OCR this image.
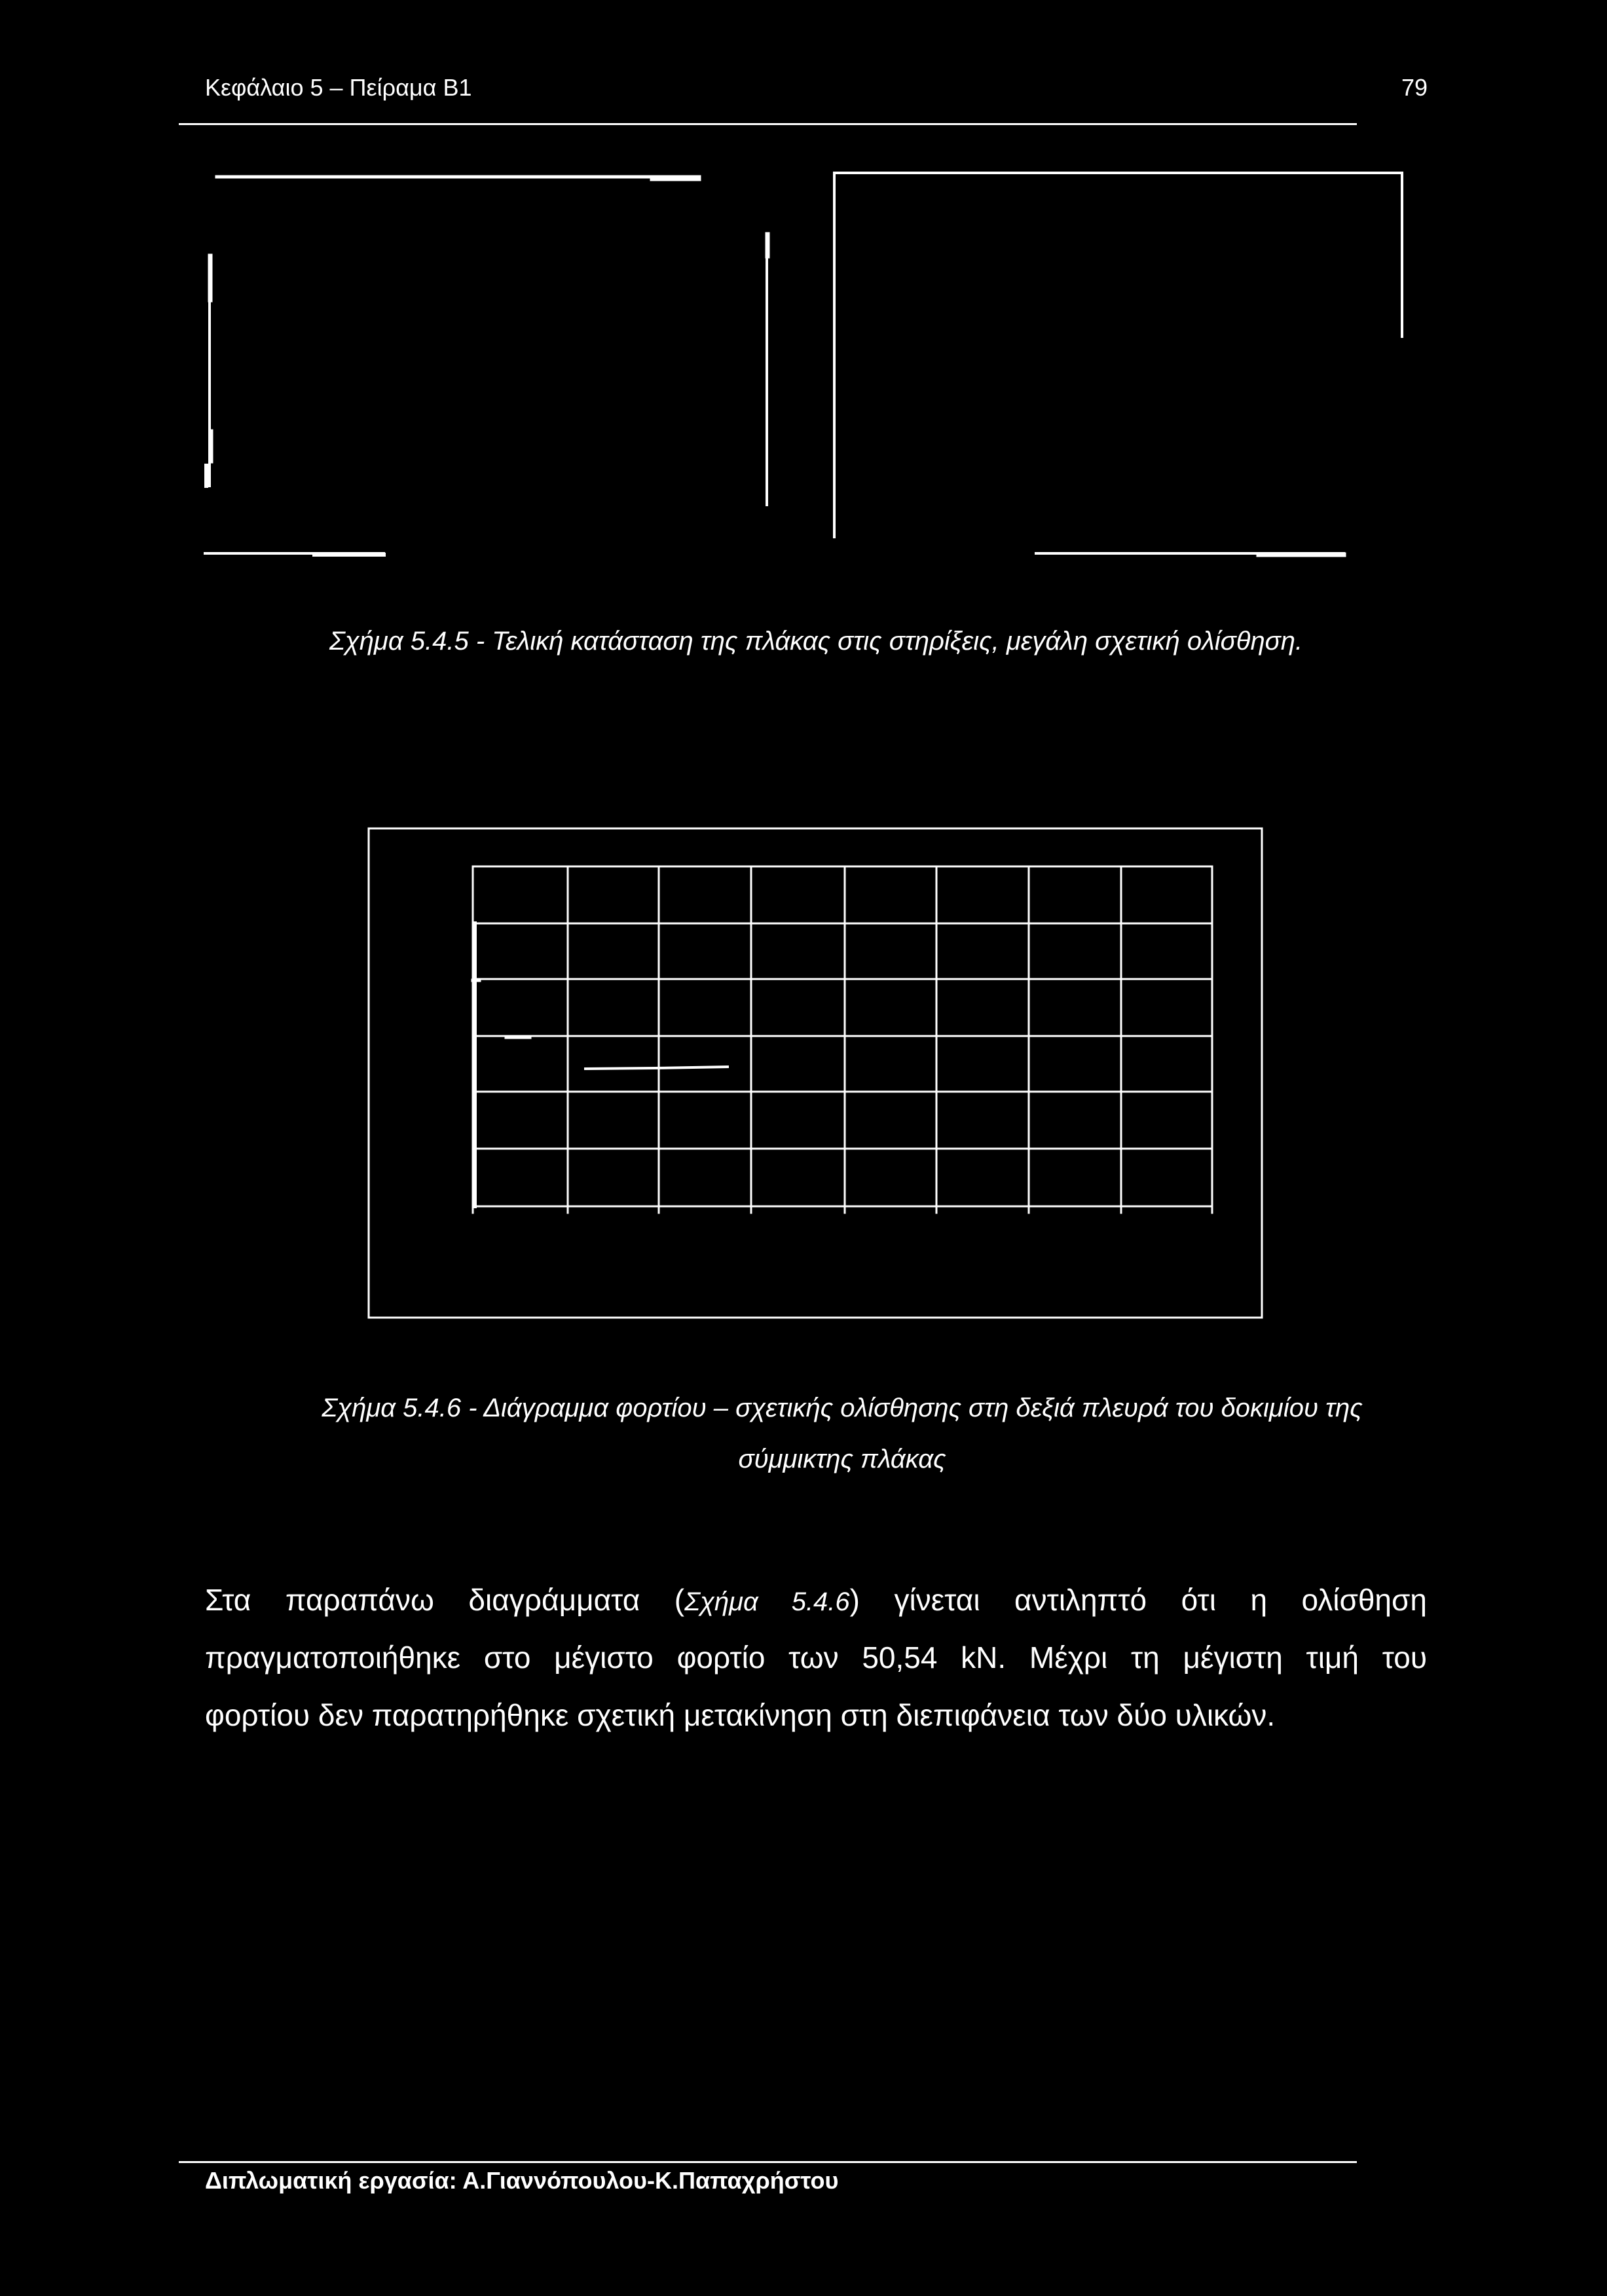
Κεφάλαιο 5 – Πείραμα Β1	79
Σχήμα 5.4.5 - Τελική κατάσταση της πλάκας στις στηρίξεις, μεγάλη σχετική ολίσθηση.
Σχήμα 5.4.6 - Διάγραμμα φορτίου – σχετικής ολίσθησης στη δεξιά πλευρά του δοκιμίου της
σύμμικτης πλάκας
Στα παραπάνω διαγράμματα (Σχήμα 5.4.6) γίνεται αντιληπτό ότι η ολίσθηση
πραγματοποιήθηκε στο μέγιστο φορτίο των 50,54 kN. Μέχρι τη μέγιστη τιμή του
φορτίου δεν παρατηρήθηκε σχετική μετακίνηση στη διεπιφάνεια των δύο υλικών.
Διπλωματική εργασία: Α.Γιαννόπουλου-Κ.Παπαχρήστου
